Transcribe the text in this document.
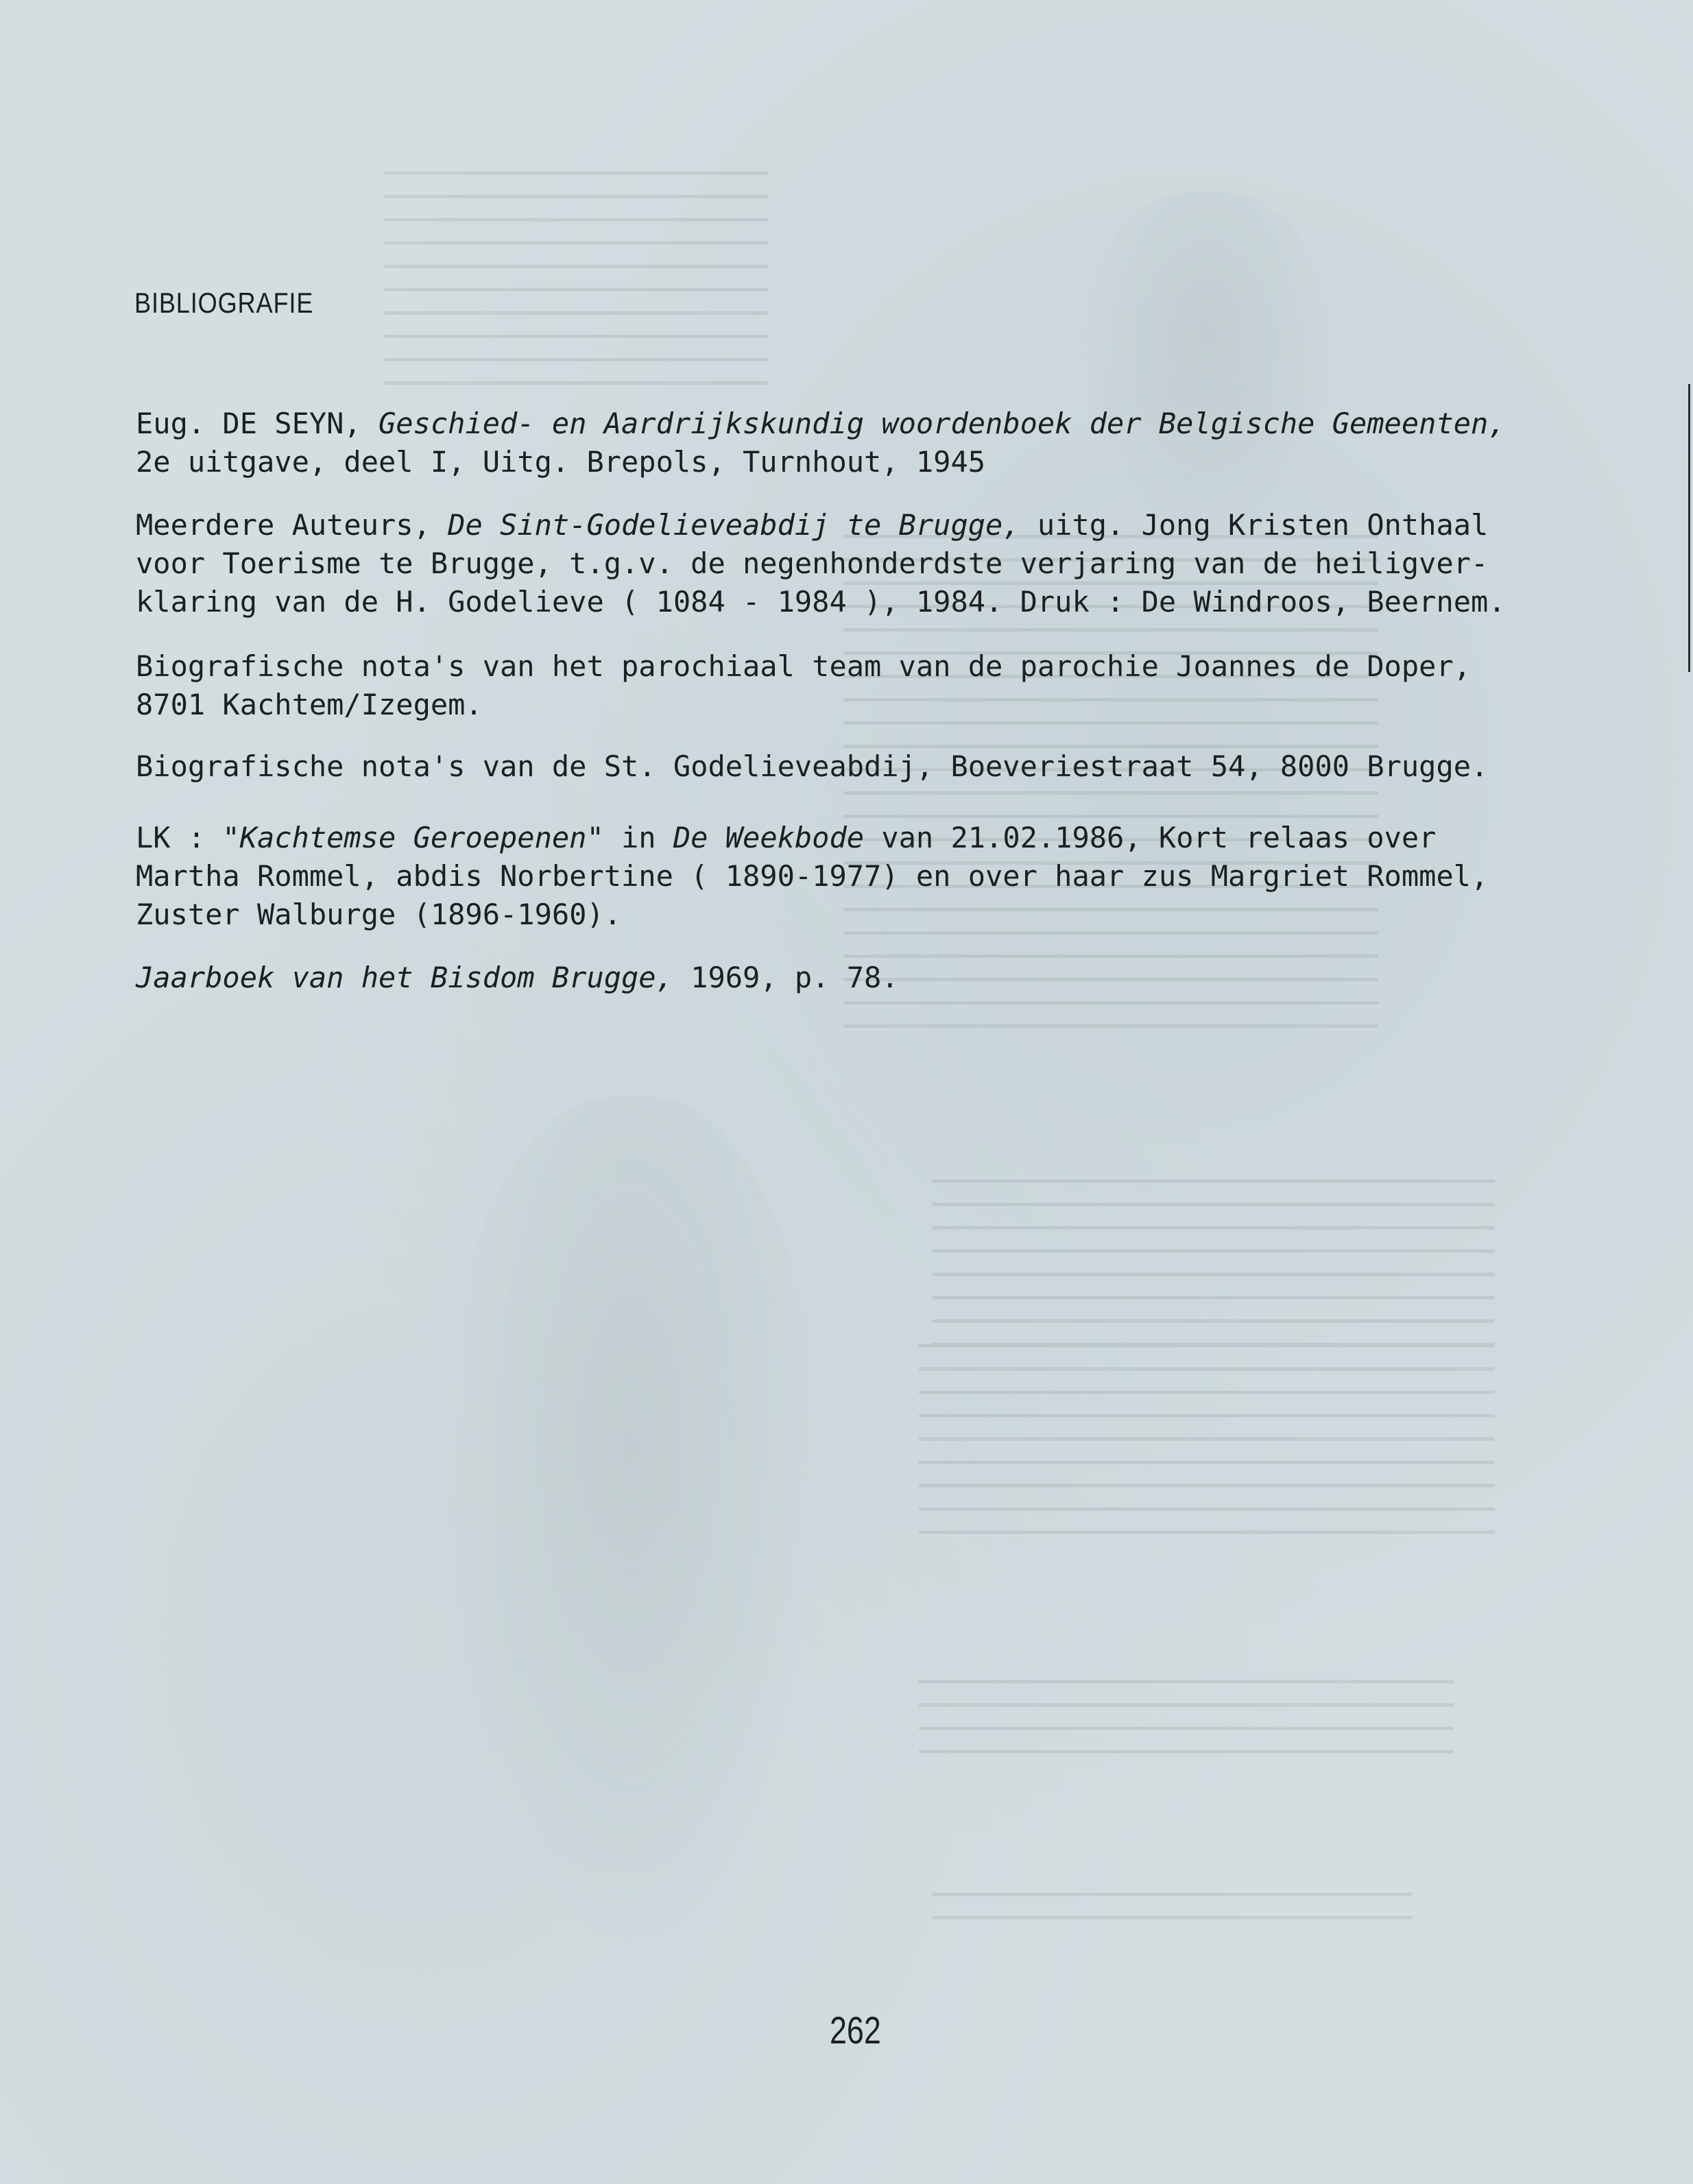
BIBLIOGRAFIE
Eug. DE SEYN, Geschied- en Aardrijkskundig woordenboek der Belgische Gemeenten,
2e uitgave, deel I, Uitg. Brepols, Turnhout, 1945
Meerdere Auteurs, De Sint-Godelieveabdij te Brugge, uitg. Jong Kristen Onthaal
voor Toerisme te Brugge, t.g.v. de negenhonderdste verjaring van de heiligver-
klaring van de H. Godelieve ( 1084 - 1984 ), 1984. Druk : De Windroos, Beernem.
Biografische nota's van het parochiaal team van de parochie Joannes de Doper,
8701 Kachtem/Izegem.
Biografische nota's van de St. Godelieveabdij, Boeveriestraat 54, 8000 Brugge.
LK : "Kachtemse Geroepenen" in De Weekbode van 21.02.1986, Kort relaas over
Martha Rommel, abdis Norbertine ( 1890-1977) en over haar zus Margriet Rommel,
Zuster Walburge (1896-1960).
Jaarboek van het Bisdom Brugge, 1969, p. 78.
262
